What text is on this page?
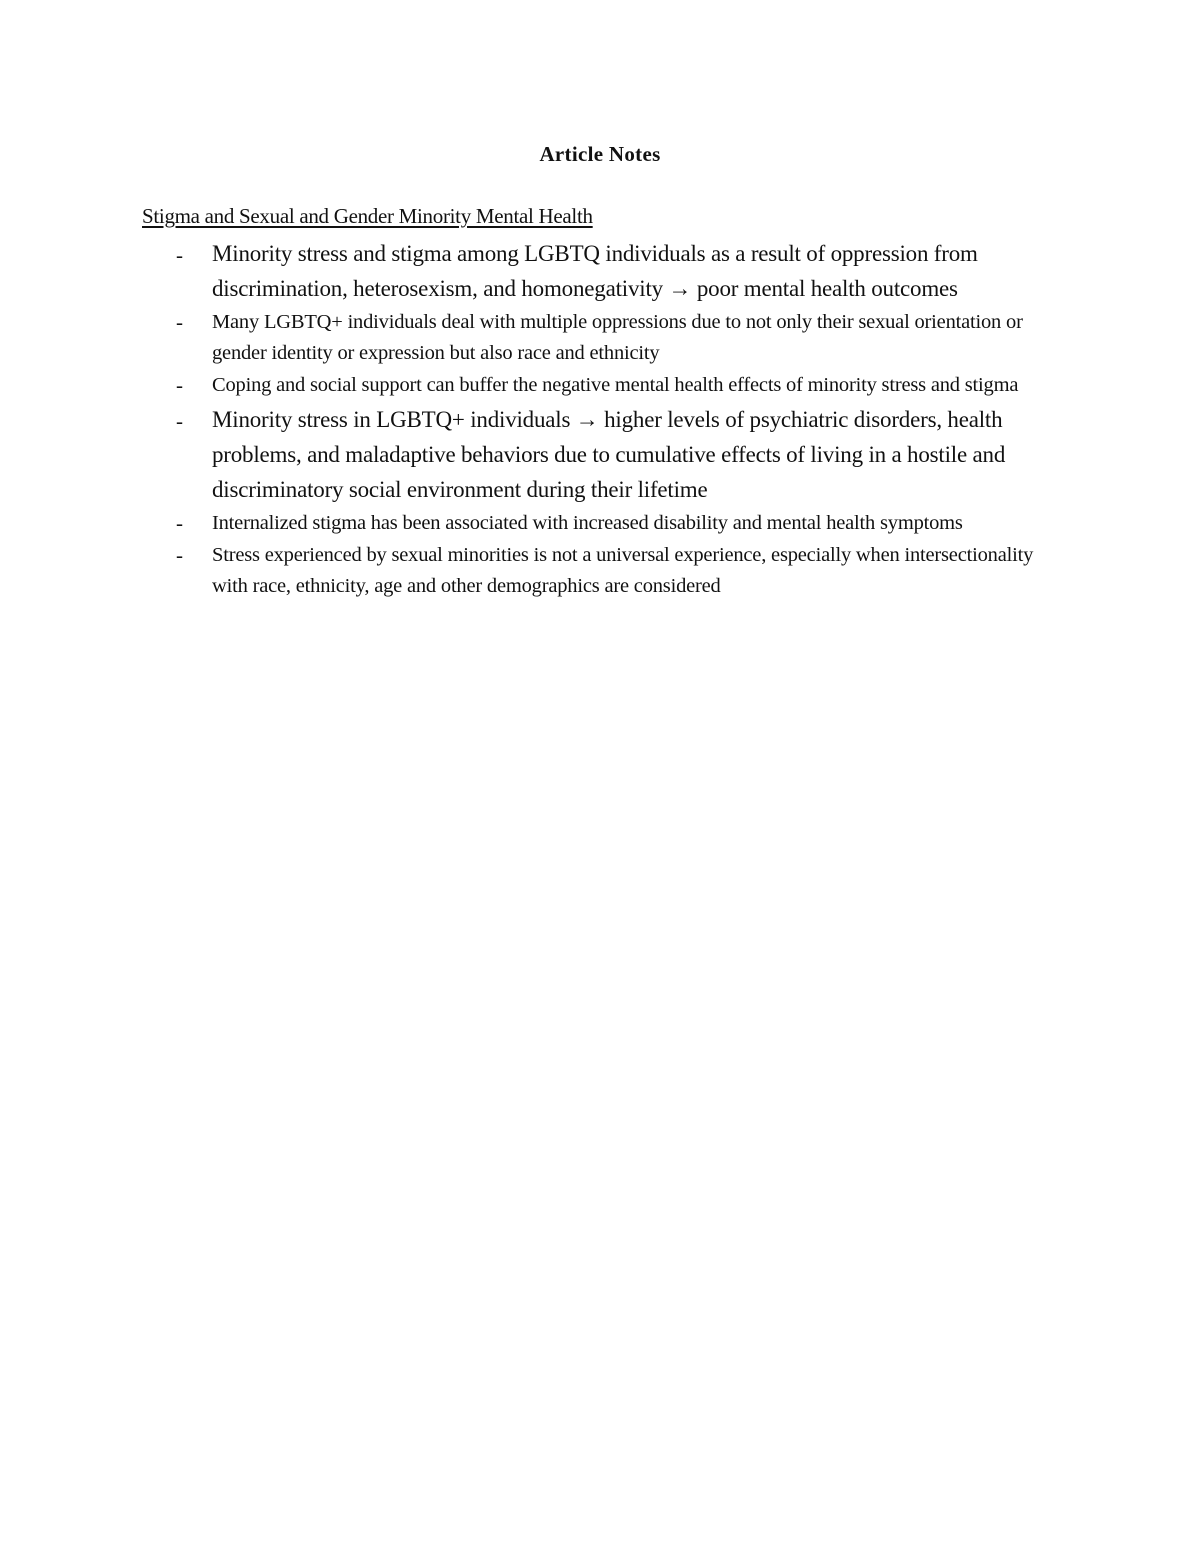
Article Notes
Stigma and Sexual and Gender Minority Mental Health
- Minority stress and stigma among LGBTQ individuals as a result of oppression from discrimination, heterosexism, and homonegativity → poor mental health outcomes
- Many LGBTQ+ individuals deal with multiple oppressions due to not only their sexual orientation or gender identity or expression but also race and ethnicity
- Coping and social support can buffer the negative mental health effects of minority stress and stigma
- Minority stress in LGBTQ+ individuals → higher levels of psychiatric disorders, health problems, and maladaptive behaviors due to cumulative effects of living in a hostile and discriminatory social environment during their lifetime
- Internalized stigma has been associated with increased disability and mental health symptoms
- Stress experienced by sexual minorities is not a universal experience, especially when intersectionality with race, ethnicity, age and other demographics are considered
